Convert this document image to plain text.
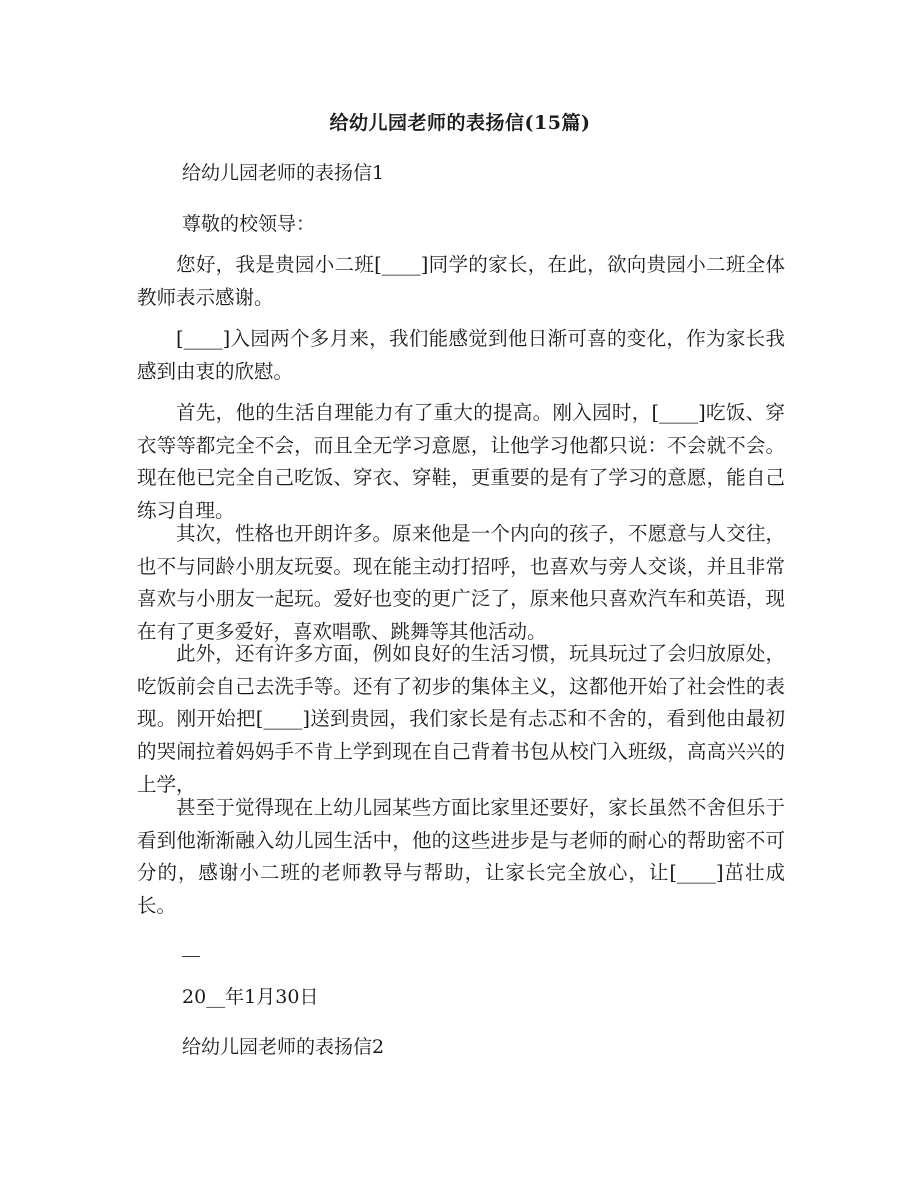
给幼儿园老师的表扬信(15篇)
给幼儿园老师的表扬信1
尊敬的校领导：

您好，我是贵园小二班[____]同学的家长，在此，欲向贵园小二班全体教师表示感谢。

[____]入园两个多月来，我们能感觉到他日渐可喜的变化，作为家长我感到由衷的欣慰。

首先，他的生活自理能力有了重大的提高。刚入园时，[____]吃饭、穿衣等等都完全不会，而且全无学习意愿，让他学习他都只说：不会就不会。现在他已完全自己吃饭、穿衣、穿鞋，更重要的是有了学习的意愿，能自己练习自理。

其次，性格也开朗许多。原来他是一个内向的孩子，不愿意与人交往，也不与同龄小朋友玩耍。现在能主动打招呼，也喜欢与旁人交谈，并且非常喜欢与小朋友一起玩。爱好也变的更广泛了，原来他只喜欢汽车和英语，现在有了更多爱好，喜欢唱歌、跳舞等其他活动。

此外，还有许多方面，例如良好的生活习惯，玩具玩过了会归放原处，吃饭前会自己去洗手等。还有了初步的集体主义，这都他开始了社会性的表现。刚开始把[____]送到贵园，我们家长是有忐忑和不舍的，看到他由最初的哭闹拉着妈妈手不肯上学到现在自己背着书包从校门入班级，高高兴兴的上学，

甚至于觉得现在上幼儿园某些方面比家里还要好，家长虽然不舍但乐于看到他渐渐融入幼儿园生活中，他的这些进步是与老师的耐心的帮助密不可分的，感谢小二班的老师教导与帮助，让家长完全放心，让[____]茁壮成长。

20__年1月30日
给幼儿园老师的表扬信2
